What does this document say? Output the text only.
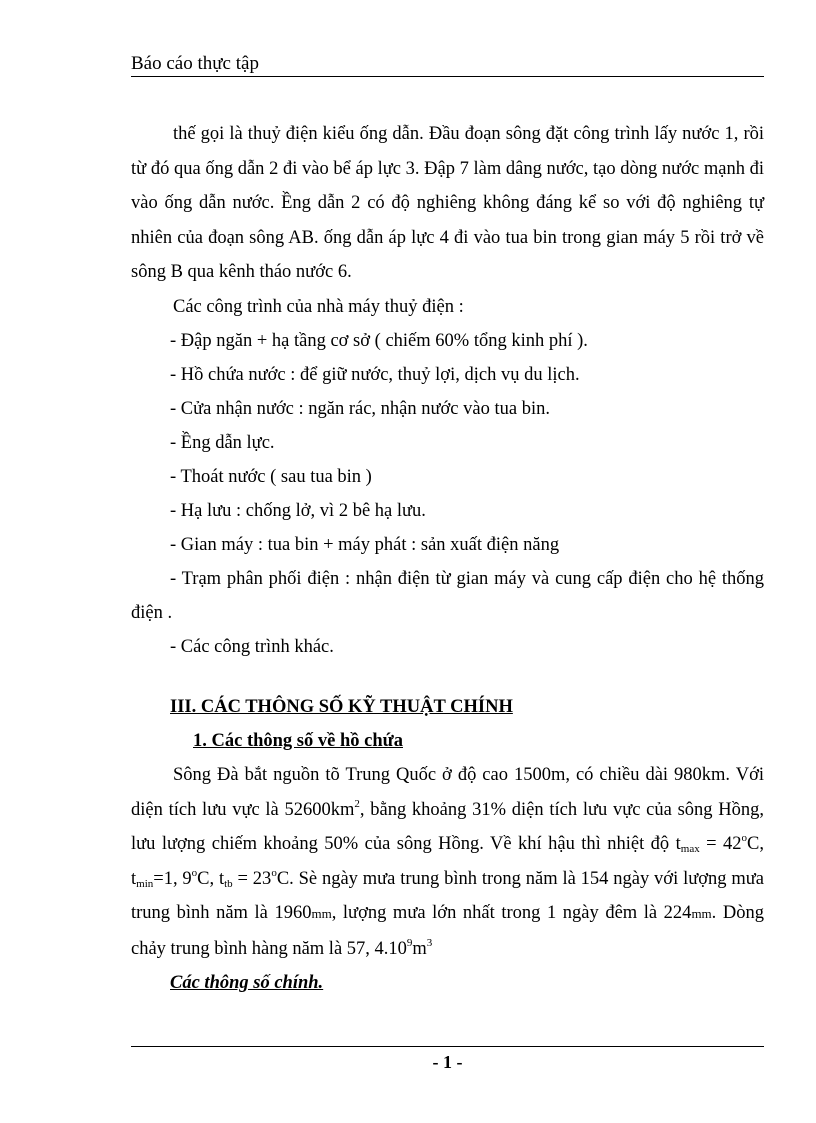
Báo cáo thực tập

thế gọi là thuỷ điện kiểu ống dẫn. Đầu đoạn sông đặt công trình lấy nước 1, rồi từ đó qua ống dẫn 2 đi vào bể áp lực 3. Đập 7 làm dâng nước, tạo dòng nước mạnh đi vào ống dẫn nước. Ềng dẫn 2 có độ nghiêng không đáng kể so với độ nghiêng tự nhiên của đoạn sông AB. ống dẫn áp lực 4 đi vào tua bin trong gian máy 5 rồi trở về sông B qua kênh tháo nước 6.

Các công trình của nhà máy thuỷ điện :

- Đập ngăn + hạ tầng cơ sở ( chiếm 60% tổng kinh phí ).

- Hồ chứa nước : để giữ nước, thuỷ lợi, dịch vụ du lịch.

- Cửa nhận nước : ngăn rác, nhận nước vào tua bin.

- Ềng dẫn lực.

- Thoát nước ( sau tua bin )

- Hạ lưu : chống lở, vì 2 bê hạ lưu.

- Gian máy : tua bin + máy phát : sản xuất điện năng

- Trạm phân phối điện : nhận điện từ gian máy và cung cấp điện cho hệ thống điện .

- Các công trình khác.

III. CÁC THÔNG SỐ KỸ THUẬT CHÍNH

1. Các thông số về hồ chứa

Sông Đà bắt nguồn tõ Trung Quốc ở độ cao 1500m, có chiều dài 980km. Với diện tích lưu vực là $52600km^2$, bằng khoảng 31% diện tích lưu vực của sông Hồng, lưu lượng chiếm khoảng 50% của sông Hồng. Về khí hậu thì nhiệt độ $t_{max} = 42^oC$, $t_{min}=1$, 9$^o$C, $t_{tb} = 23^oC$. Sè ngày mưa trung bình trong năm là 154 ngày với lượng mưa trung bình năm là 1960mm, lượng mưa lớn nhất trong 1 ngày đêm là 224mm. Dòng chảy trung bình hàng năm là 57, $4.10^9m^3$

Các thông số chính.

- 1 -
